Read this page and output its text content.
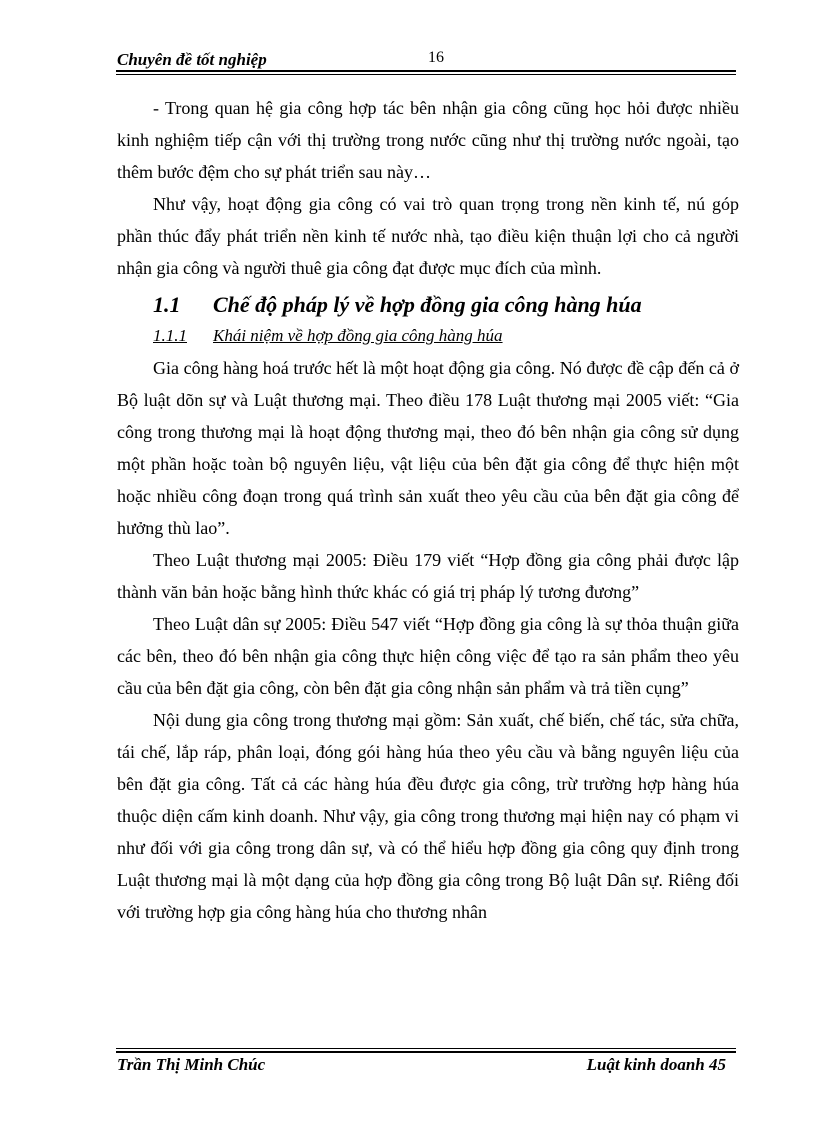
Chuyên đề tốt nghiệp	16

- Trong quan hệ gia công hợp tác bên nhận gia công cũng học hỏi được nhiều kinh nghiệm tiếp cận với thị trường trong nước cũng như thị trường nước ngoài, tạo thêm bước đệm cho sự phát triển sau này…

Như vậy, hoạt động gia công có vai trò quan trọng trong nền kinh tế, nú góp phần thúc đẩy phát triển nền kinh tế nước nhà, tạo điều kiện thuận lợi cho cả người nhận gia công và người thuê gia công đạt được mục đích của mình.

1.1 Chế độ pháp lý về hợp đồng gia công hàng húa
1.1.1 Khái niệm về hợp đồng gia công hàng húa

Gia công hàng hoá trước hết là một hoạt động gia công. Nó được đề cập đến cả ở Bộ luật dõn sự và Luật thương mại. Theo điều 178 Luật thương mại 2005 viết: “Gia công trong thương mại là hoạt động thương mại, theo đó bên nhận gia công sử dụng một phần hoặc toàn bộ nguyên liệu, vật liệu của bên đặt gia công để thực hiện một hoặc nhiều công đoạn trong quá trình sản xuất theo yêu cầu của bên đặt gia công để hưởng thù lao”.

Theo Luật thương mại 2005: Điều 179 viết “Hợp đồng gia công phải được lập thành văn bản hoặc bằng hình thức khác có giá trị pháp lý tương đương”

Theo Luật dân sự 2005: Điều 547 viết “Hợp đồng gia công là sự thỏa thuận giữa các bên, theo đó bên nhận gia công thực hiện công việc để tạo ra sản phẩm theo yêu cầu của bên đặt gia công, còn bên đặt gia công nhận sản phẩm và trả tiền cụng”

Nội dung gia công trong thương mại gồm: Sản xuất, chế biến, chế tác, sửa chữa, tái chế, lắp ráp, phân loại, đóng gói hàng húa theo yêu cầu và bằng nguyên liệu của bên đặt gia công. Tất cả các hàng húa đều được gia công, trừ trường hợp hàng húa thuộc diện cấm kinh doanh. Như vậy, gia công trong thương mại hiện nay có phạm vi như đối với gia công trong dân sự, và có thể hiểu hợp đồng gia công quy định trong Luật thương mại là một dạng của hợp đồng gia công trong Bộ luật Dân sự. Riêng đối với trường hợp gia công hàng húa cho thương nhân

Trần Thị Minh Chúc	Luật kinh doanh 45
